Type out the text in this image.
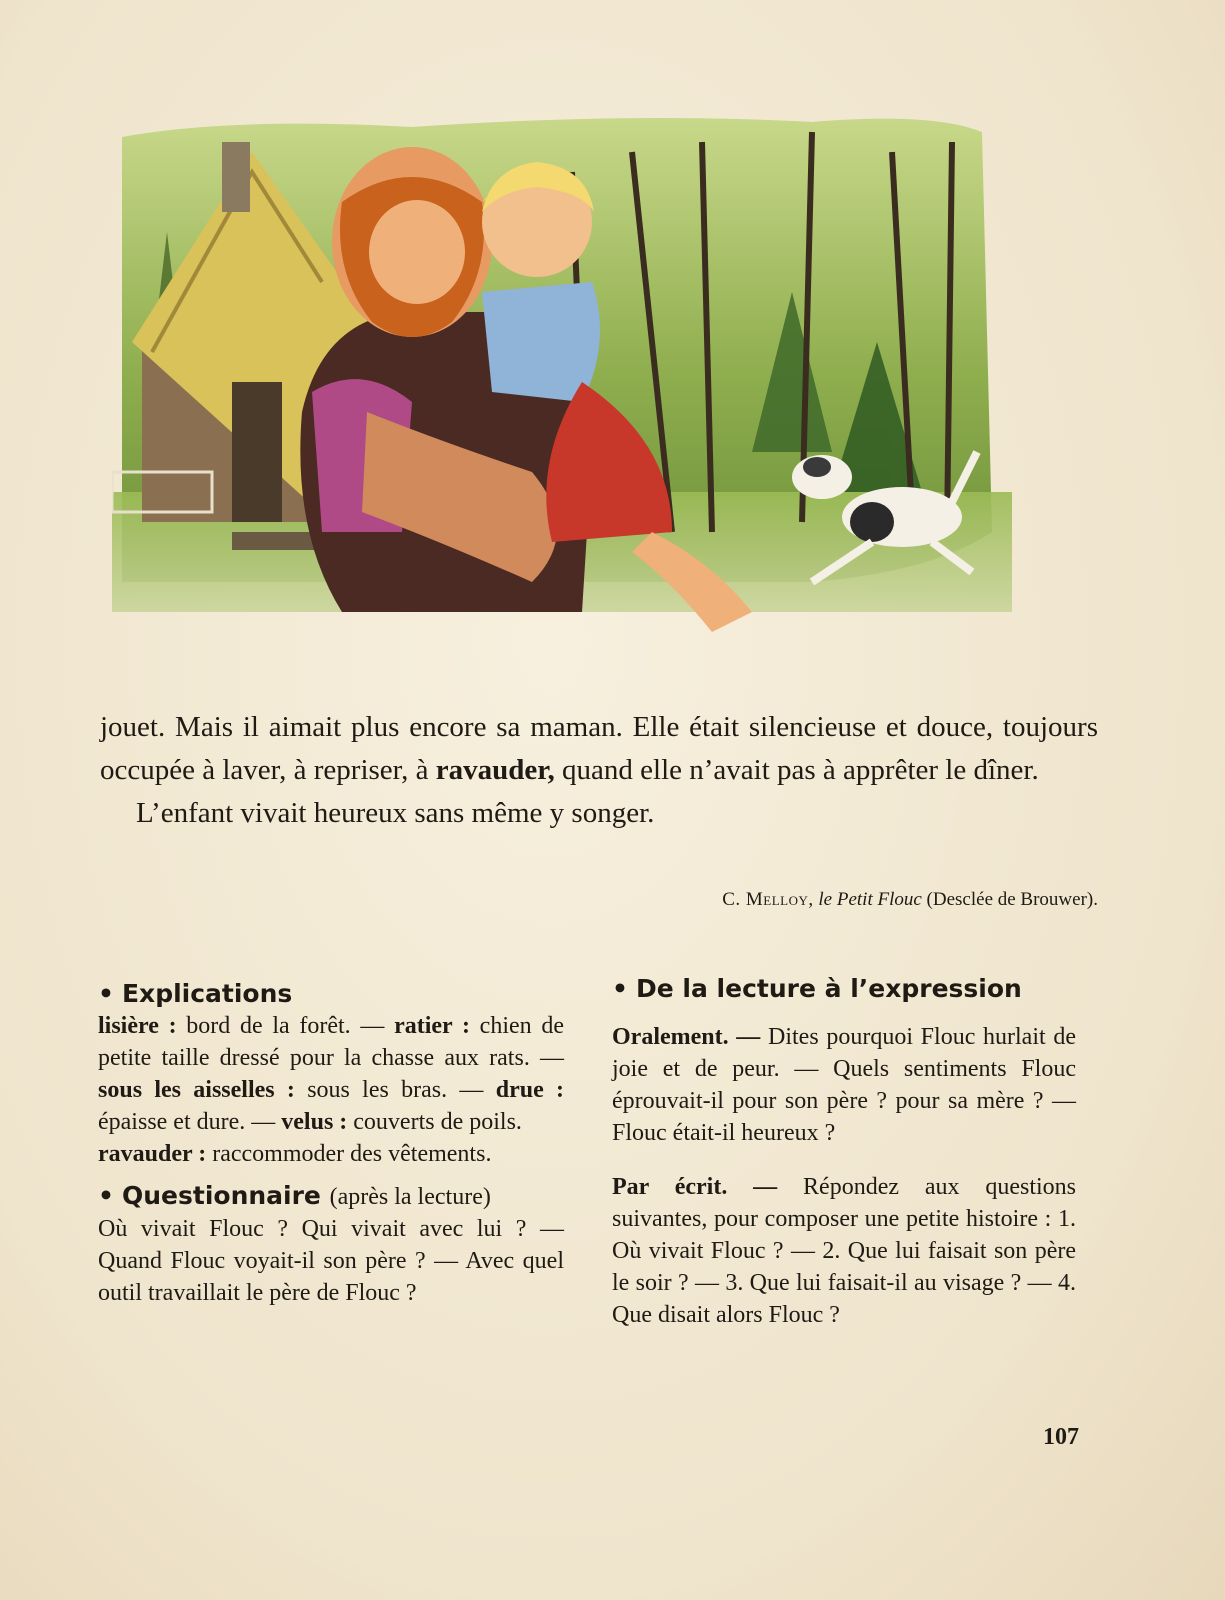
jouet. Mais il aimait plus encore sa maman. Elle était silencieuse et douce, toujours occupée à laver, à repriser, à ravauder, quand elle n’avait pas à apprêter le dîner.

L’enfant vivait heureux sans même y songer.

C. Melloy, le Petit Flouc (Desclée de Brouwer).
• Explications

lisière : bord de la forêt. — ratier : chien de petite taille dressé pour la chasse aux rats. — sous les aisselles : sous les bras. — drue : épaisse et dure. — velus : couverts de poils.
ravauder : raccommoder des vêtements.

• Questionnaire (après la lecture)

Où vivait Flouc ? Qui vivait avec lui ? — Quand Flouc voyait-il son père ? — Avec quel outil travaillait le père de Flouc ?

• De la lecture à l’expression

Oralement. — Dites pourquoi Flouc hurlait de joie et de peur. — Quels sentiments Flouc éprouvait-il pour son père ? pour sa mère ? — Flouc était-il heureux ?

Par écrit. — Répondez aux questions suivantes, pour composer une petite histoire : 1. Où vivait Flouc ? — 2. Que lui faisait son père le soir ? — 3. Que lui faisait-il au visage ? — 4. Que disait alors Flouc ?

107
